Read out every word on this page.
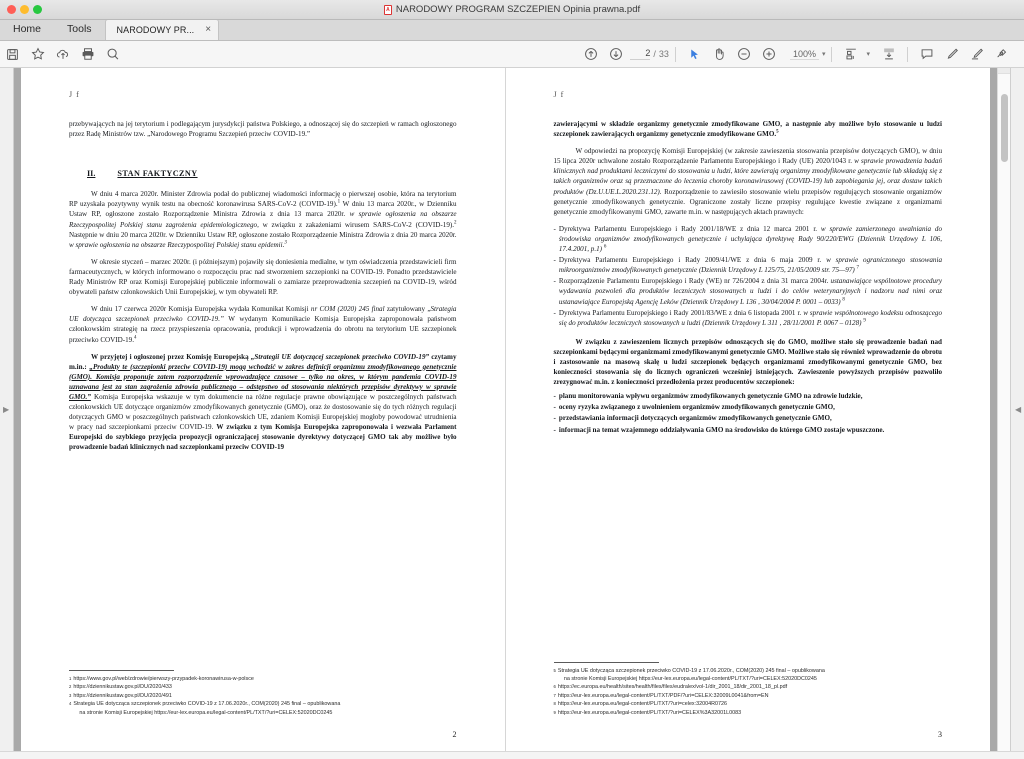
A NARODOWY PROGRAM SZCZEPIEN Opinia prawna.pdf
Home	Tools	NARODOWY PR... ×
2 / 33	100% ▾	▾
▶
J f

przebywających na jej terytorium i podlegającym jurysdykcji państwa Polskiego, a odnoszącej się do szczepień w ramach ogłoszonego przez Radę Ministrów tzw. „Narodowego Programu Szczepień przeciw COVID-19.”

II.	STAN FAKTYCZNY

W dniu 4 marca 2020r. Minister Zdrowia podał do publicznej wiadomości informację o pierwszej osobie, która na terytorium RP uzyskała pozytywny wynik testu na obecność koronawirusa SARS-CoV-2 (COVID-19).$^1$ W dniu 13 marca 2020r., w Dzienniku Ustaw RP, ogłoszone zostało Rozporządzenie Ministra Zdrowia z dnia 13 marca 2020r. w sprawie ogłoszenia na obszarze Rzeczypospolitej Polskiej stanu zagrożenia epidemiologicznego, w związku z zakażeniami wirusem SARS-CoV-2 (COVID-19).$^2$ Następnie w dniu 20 marca 2020r. w Dzienniku Ustaw RP, ogłoszone zostało Rozporządzenie Ministra Zdrowia z dnia 20 marca 2020r. w sprawie ogłoszenia na obszarze Rzeczypospolitej Polskiej stanu epidemii.$^3$

W okresie styczeń – marzec 2020r. (i późniejszym) pojawiły się doniesienia medialne, w tym oświadczenia przedstawicieli firm farmaceutycznych, w których informowano o rozpoczęciu prac nad stworzeniem szczepionki na COVID-19. Ponadto przedstawiciele Rady Ministrów RP oraz Komisji Europejskiej publicznie informowali o zamiarze przeprowadzenia szczepień na COVID-19, wśród obywateli państw członkowskich Unii Europejskiej, w tym obywateli RP.

W dniu 17 czerwca 2020r Komisja Europejska wydała Komunikat Komisji nr COM (2020) 245 final zatytułowany „Strategia UE dotycząca szczepionek przeciwko COVID-19.” W wydanym Komunikacie Komisja Europejska zaproponowała państwom członkowskim strategię na rzecz przyspieszenia opracowania, produkcji i wprowadzenia do obrotu na terytorium UE szczepionek przeciwko COVID-19.$^4$

W przyjętej i ogłoszonej przez Komisję Europejską „Strategii UE dotyczącej szczepionek przeciwko COVID-19” czytamy m.in.: „Produkty te (szczepionki przeciw COVID-19) mogą wchodzić w zakres definicji organizmu zmodyfikowanego genetycznie (GMO). Komisja proponuje zatem rozporządzenie wprowadzające czasowe – tylko na okres, w którym pandemia COVID-19 uznawana jest za stan zagrożenia zdrowia publicznego – odstępstwo od stosowania niektórych przepisów dyrektywy w sprawie GMO.” Komisja Europejska wskazuje w tym dokumencie na różne regulacje prawne obowiązujące w poszczególnych państwach członkowskich UE dotyczące organizmów zmodyfikowanych genetycznie (GMO), oraz że dostosowanie się do tych różnych regulacji dotyczących GMO w poszczególnych państwach członkowskich UE, zdaniem Komisji Europejskiej mogłoby powodować utrudnienia w pracy nad szczepionkami przeciw COVID-19. W związku z tym Komisja Europejska zaproponowała i wezwała Parlament Europejski do szybkiego przyjęcia propozycji ograniczającej stosowanie dyrektywy dotyczącej GMO tak aby możliwe było prowadzenie badań klinicznych nad szczepionkami przeciw COVID-19

1 https://www.gov.pl/web/zdrowie/pierwszy-przypadek-koronawirusa-w-polsce
2 https://dziennikustaw.gov.pl/DU/2020/433
3 https://dziennikustaw.gov.pl/DU/2020/491
4 Strategia UE dotycząca szczepionek przeciwko COVID-19 z 17.06.2020r., COM(2020) 245 final – opublikowana
na stronie Komisji Europejskiej https://eur-lex.europa.eu/legal-content/PL/TXT/?uri=CELEX:52020DC0245
2
J f

zawierającymi w składzie organizmy genetycznie zmodyfikowane GMO, a następnie aby możliwe było stosowanie u ludzi szczepionek zawierających organizmy genetycznie zmodyfikowane GMO.$^5$

W odpowiedzi na propozycję Komisji Europejskiej (w zakresie zawieszenia stosowania przepisów dotyczących GMO), w dniu 15 lipca 2020r uchwalone zostało Rozporządzenie Parlamentu Europejskiego i Rady (UE) 2020/1043 r. w sprawie prowadzenia badań klinicznych nad produktami leczniczymi do stosowania u ludzi, które zawierają organizmy zmodyfikowane genetycznie lub składają się z takich organizmów oraz są przeznaczone do leczenia choroby koronawirusowej (COVID-19) lub zapobiegania jej, oraz dostaw takich produktów (Dz.U.UE.L.2020.231.12). Rozporządzenie to zawiesiło stosowanie wielu przepisów regulujących stosowanie organizmów genetycznie zmodyfikowanych genetycznie. Ograniczone zostały liczne przepisy regulujące kwestie związane z organizmami genetycznie zmodyfikowanymi GMO, zawarte m.in. w następujących aktach prawnych:

- Dyrektywa Parlamentu Europejskiego i Rady 2001/18/WE z dnia 12 marca 2001 r. w sprawie zamierzonego uwalniania do środowiska organizmów zmodyfikowanych genetycznie i uchylająca dyrektywę Rady 90/220/EWG (Dziennik Urzędowy L 106, 17.4.2001, p.1) $^6$
- Dyrektywa Parlamentu Europejskiego i Rady 2009/41/WE z dnia 6 maja 2009 r. w sprawie ograniczonego stosowania mikroorganizmów zmodyfikowanych genetycznie (Dziennik Urzędowy L 125/75, 21/05/2009 str. 75—97) $^7$
- Rozporządzenie Parlamentu Europejskiego i Rady (WE) nr 726/2004 z dnia 31 marca 2004r. ustanawiające wspólnotowe procedury wydawania pozwoleń dla produktów leczniczych stosowanych u ludzi i do celów weterynaryjnych i nadzoru nad nimi oraz ustanawiające Europejską Agencję Leków (Dziennik Urzędowy L 136 , 30/04/2004 P. 0001 – 0033) $^8$
- Dyrektywa Parlamentu Europejskiego i Rady 2001/83/WE z dnia 6 listopada 2001 r. w sprawie wspólnotowego kodeksu odnoszącego się do produktów leczniczych stosowanych u ludzi (Dziennik Urzędowy L 311 , 28/11/2001 P. 0067 – 0128) $^9$

W związku z zawieszeniem licznych przepisów odnoszących się do GMO, możliwe stało się prowadzenie badań nad szczepionkami będącymi organizmami zmodyfikowanymi genetycznie GMO. Możliwe stało się również wprowadzenie do obrotu i zastosowanie na masową skalę u ludzi szczepionek będących organizmami zmodyfikowanymi genetycznie GMO, bez konieczności stosowania się do licznych ograniczeń wcześniej istniejących. Zawieszenie powyższych przepisów pozwoliło zrezygnować m.in. z konieczności przedłożenia przez producentów szczepionek:

- planu monitorowania wpływu organizmów zmodyfikowanych genetycznie GMO na zdrowie ludzkie,
- oceny ryzyka związanego z uwolnieniem organizmów zmodyfikowanych genetycznie GMO,
- przedstawiania informacji dotyczących organizmów zmodyfikowanych genetycznie GMO,
- informacji na temat wzajemnego oddziaływania GMO na środowisko do którego GMO zostaje wpuszczone.
5 Strategia UE dotycząca szczepionek przeciwko COVID-19 z 17.06.2020r., COM(2020) 245 final – opublikowana
na stronie Komisji Europejskiej https://eur-lex.europa.eu/legal-content/PL/TXT/?uri=CELEX:52020DC0245
6 https://ec.europa.eu/health/sites/health/files/files/eudralex/vol-1/dir_2001_18/dir_2001_18_pl.pdf
7 https://eur-lex.europa.eu/legal-content/PL/TXT/PDF/?uri=CELEX:32009L0041&from=EN
8 https://eur-lex.europa.eu/legal-content/PL/TXT/?uri=celex:32004R0726
9 https://eur-lex.europa.eu/legal-content/PL/TXT/?uri=CELEX%3A32001L0083
3
◀
